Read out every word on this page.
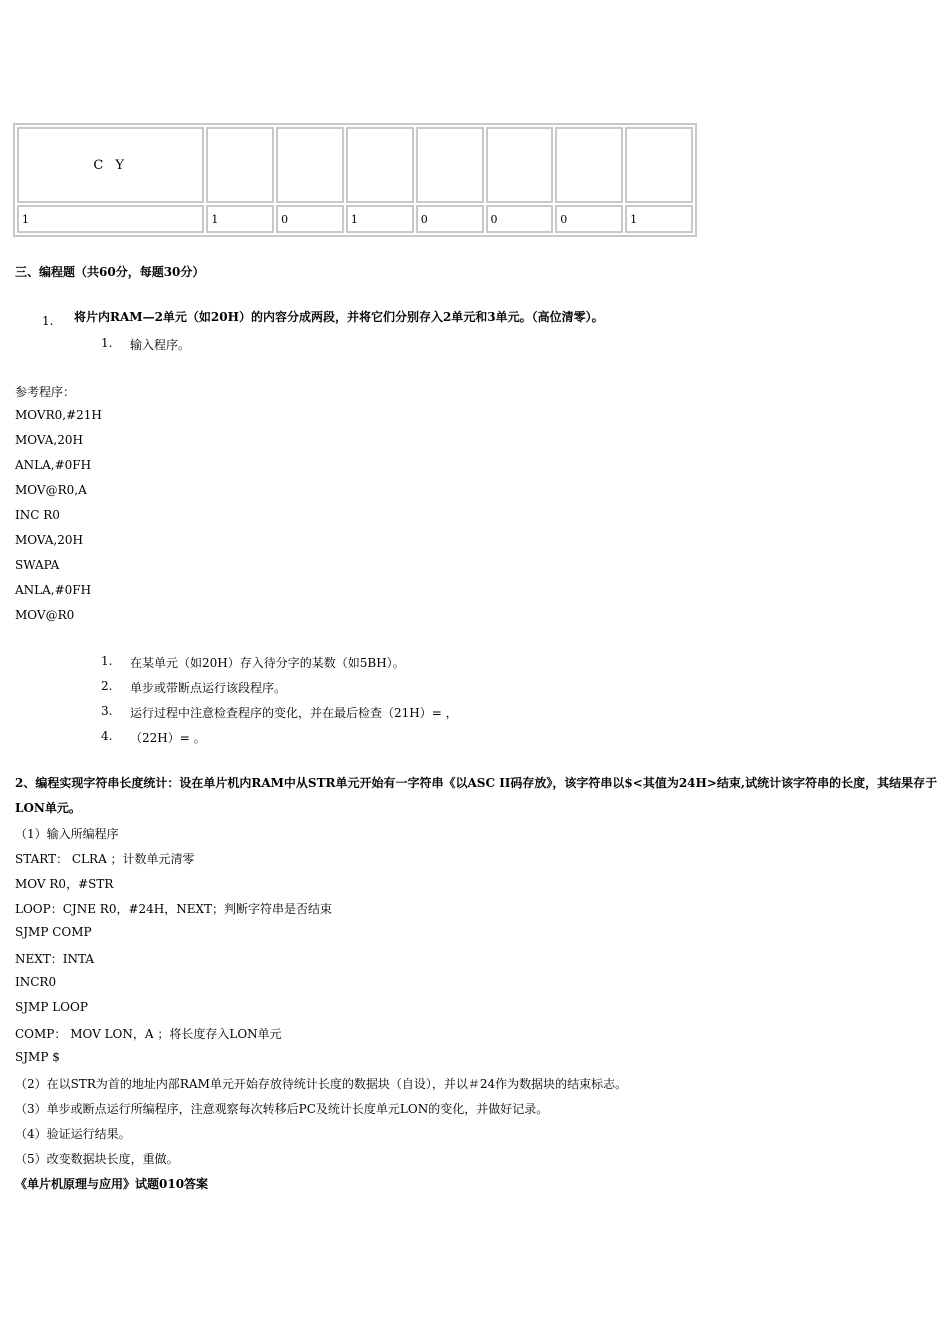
C Y							
1	1	0	1	0	0	0	1
三、编程题（共60分，每题30分）
1. 将片内RAM—2单元（如20H）的内容分成两段，并将它们分别存入2单元和3单元。（高位清零）。
1. 输入程序。
参考程序：
MOVR0,#21H
MOVA,20H
ANLA,#0FH
MOV@R0,A
INC R0
MOVA,20H
SWAPA
ANLA,#0FH
MOV@R0
1. 在某单元（如20H）存入待分字的某数（如5BH）。
2. 单步或带断点运行该段程序。
3. 运行过程中注意检查程序的变化，并在最后检查（21H）= ，
4. （22H）= 。
2、编程实现字符串长度统计：设在单片机内RAM中从STR单元开始有一字符串《以ASC II码存放》，该字符串以$<其值为24H>结束,试统计该字符串的长度，其结果存于LON单元。
（1）输入所编程序
START： CLRA ；计数单元清零
MOV R0，#STR
LOOP：CJNE R0，#24H，NEXT；判断字符串是否结束
SJMP COMP
NEXT：INTA
INCR0
SJMP LOOP
COMP： MOV LON，A ；将长度存入LON单元
SJMP $
（2）在以STR为首的地址内部RAM单元开始存放待统计长度的数据块（自设），并以＃24作为数据块的结束标志。
（3）单步或断点运行所编程序，注意观察每次转移后PC及统计长度单元LON的变化，并做好记录。
（4）验证运行结果。
（5）改变数据块长度，重做。
《单片机原理与应用》试题010答案
